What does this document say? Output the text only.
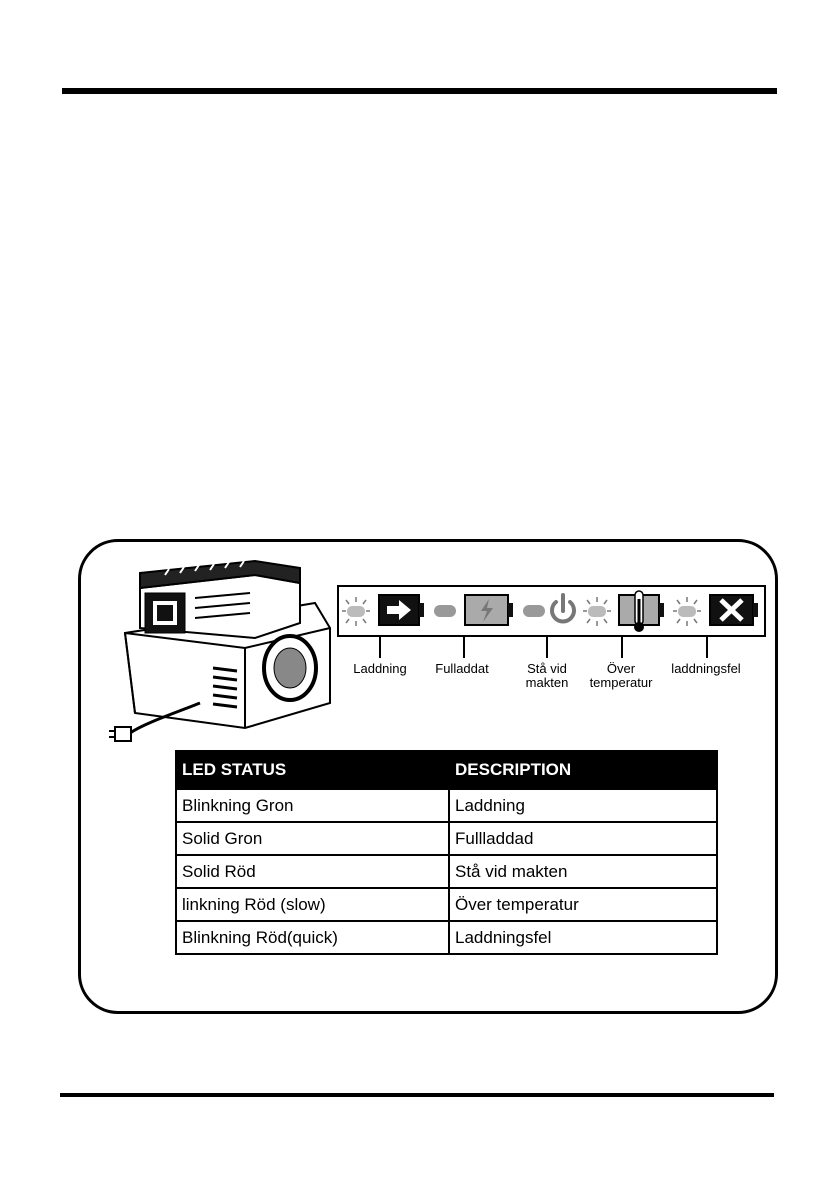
Laddning Fulladdat	Stå vid
makten
Över
temperatur
laddningsfel
LED STATUS	DESCRIPTION
Blinkning Gron	Laddning
Solid Gron	Fullladdad
Solid Röd	Stå vid makten
linkning Röd (slow)	Över temperatur
Blinkning Röd(quick)	Laddningsfel
